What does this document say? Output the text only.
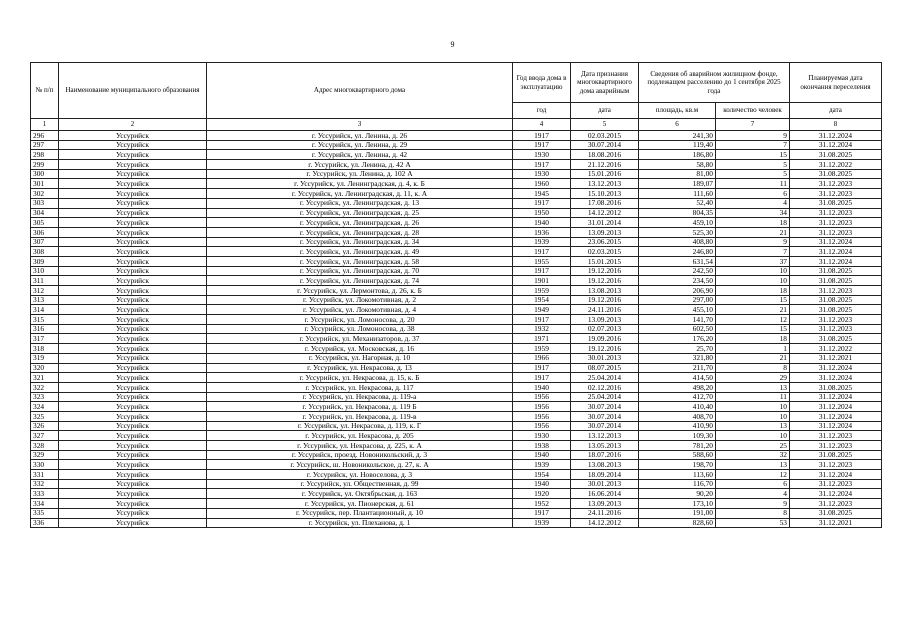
9
№ п/п	Наименование муниципального образования	Адрес многоквартирного дома	Год ввода дома в эксплуатацию	Дата признания многоквартирного дома аварийным	Сведения об аварийном жилищном фонде, подлежащем расселению до 1 сентября 2025 года		Планируемая дата окончания переселения
			год	дата	площадь, кв.м	количество человек	дата
1	2	3	4	5	6	7	8
296	Уссурийск	г. Уссурийск, ул. Ленина, д. 26	1917	02.03.2015	241,30	9	31.12.2024
297	Уссурийск	г. Уссурийск, ул. Ленина, д. 29	1917	30.07.2014	119,40	7	31.12.2024
298	Уссурийск	г. Уссурийск, ул. Ленина, д. 42	1930	18.08.2016	186,80	15	31.08.2025
299	Уссурийск	г. Уссурийск, ул. Ленина, д. 42 А	1917	21.12.2016	58,80	5	31.12.2022
300	Уссурийск	г. Уссурийск, ул. Ленина, д. 102 А	1930	15.01.2016	81,00	5	31.08.2025
301	Уссурийск	г. Уссурийск, ул. Ленинградская, д. 4, к. Б	1960	13.12.2013	189,07	11	31.12.2023
302	Уссурийск	г. Уссурийск, ул. Ленинградская, д. 11, к. А	1945	15.10.2013	111,60	6	31.12.2023
303	Уссурийск	г. Уссурийск, ул. Ленинградская, д. 13	1917	17.08.2016	52,40	4	31.08.2025
304	Уссурийск	г. Уссурийск, ул. Ленинградская, д. 25	1950	14.12.2012	804,35	34	31.12.2023
305	Уссурийск	г. Уссурийск, ул. Ленинградская, д. 26	1940	31.01.2014	459,10	18	31.12.2023
306	Уссурийск	г. Уссурийск, ул. Ленинградская, д. 28	1936	13.09.2013	525,30	21	31.12.2023
307	Уссурийск	г. Уссурийск, ул. Ленинградская, д. 34	1939	23.06.2015	408,80	9	31.12.2024
308	Уссурийск	г. Уссурийск, ул. Ленинградская, д. 49	1917	02.03.2015	246,80	7	31.12.2024
309	Уссурийск	г. Уссурийск, ул. Ленинградская, д. 58	1955	15.01.2015	631,54	37	31.12.2024
310	Уссурийск	г. Уссурийск, ул. Ленинградская, д. 70	1917	19.12.2016	242,50	10	31.08.2025
311	Уссурийск	г. Уссурийск, ул. Ленинградская, д. 74	1901	19.12.2016	234,50	10	31.08.2025
312	Уссурийск	г. Уссурийск, ул. Лермонтова, д. 26, к. Б	1959	13.08.2013	206,90	18	31.12.2023
313	Уссурийск	г. Уссурийск, ул. Локомотивная, д. 2	1954	19.12.2016	297,00	15	31.08.2025
314	Уссурийск	г. Уссурийск, ул. Локомотивная, д. 4	1949	24.11.2016	455,10	21	31.08.2025
315	Уссурийск	г. Уссурийск, ул. Ломоносова, д. 20	1917	13.09.2013	141,70	12	31.12.2023
316	Уссурийск	г. Уссурийск, ул. Ломоносова, д. 38	1932	02.07.2013	602,50	15	31.12.2023
317	Уссурийск	г. Уссурийск, ул. Механизаторов, д. 37	1971	19.09.2016	176,20	18	31.08.2025
318	Уссурийск	г. Уссурийск, ул. Московская, д. 16	1959	19.12.2016	25,70	1	31.12.2022
319	Уссурийск	г. Уссурийск, ул. Нагорная, д. 10	1966	30.01.2013	321,80	21	31.12.2021
320	Уссурийск	г. Уссурийск, ул. Некрасова, д. 13	1917	08.07.2015	211,70	8	31.12.2024
321	Уссурийск	г. Уссурийск, ул. Некрасова, д. 15, к. Б	1917	25.04.2014	414,50	29	31.12.2024
322	Уссурийск	г. Уссурийск, ул. Некрасова, д. 117	1940	02.12.2016	498,20	13	31.08.2025
323	Уссурийск	г. Уссурийск, ул. Некрасова, д. 119-а	1956	25.04.2014	412,70	11	31.12.2024
324	Уссурийск	г. Уссурийск, ул. Некрасова, д. 119 Б	1956	30.07.2014	410,40	10	31.12.2024
325	Уссурийск	г. Уссурийск, ул. Некрасова, д. 119-в	1956	30.07.2014	408,70	10	31.12.2024
326	Уссурийск	г. Уссурийск, ул. Некрасова, д. 119, к. Г	1956	30.07.2014	410,90	13	31.12.2024
327	Уссурийск	г. Уссурийск, ул. Некрасова, д. 205	1930	13.12.2013	109,30	10	31.12.2023
328	Уссурийск	г. Уссурийск, ул. Некрасова, д. 225, к. А	1938	13.05.2013	781,20	25	31.12.2023
329	Уссурийск	г. Уссурийск, проезд. Новоникольский, д. 3	1940	18.07.2016	588,60	32	31.08.2025
330	Уссурийск	г. Уссурийск, ш. Новоникольское, д. 27, к. А	1939	13.08.2013	198,70	13	31.12.2023
331	Уссурийск	г. Уссурийск, ул. Новоселова, д. 3	1954	18.09.2014	113,60	12	31.12.2024
332	Уссурийск	г. Уссурийск, ул. Общественная, д. 99	1940	30.01.2013	116,70	6	31.12.2023
333	Уссурийск	г. Уссурийск, ул. Октябрьская, д. 163	1920	16.06.2014	90,20	4	31.12.2024
334	Уссурийск	г. Уссурийск, ул. Пионерская, д. 61	1952	13.09.2013	173,10	9	31.12.2023
335	Уссурийск	г. Уссурийск, пер. Плантационный, д. 10	1917	24.11.2016	191,00	8	31.08.2025
336	Уссурийск	г. Уссурийск, ул. Плеханова, д. 1	1939	14.12.2012	828,60	53	31.12.2021
